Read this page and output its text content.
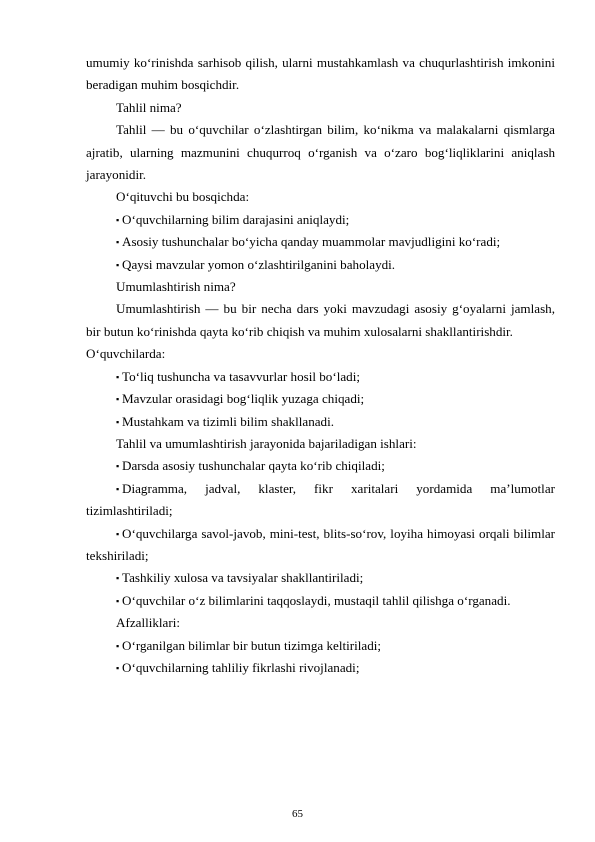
umumiy ko‘rinishda sarhisob qilish, ularni mustahkamlash va chuqurlashtirish imkonini beradigan muhim bosqichdir.

Tahlil nima?

Tahlil — bu o‘quvchilar o‘zlashtirgan bilim, ko‘nikma va malakalarni qismlarga ajratib, ularning mazmunini chuqurroq o‘rganish va o‘zaro bog‘liqliklarini aniqlash jarayonidir.

O‘qituvchi bu bosqichda:

▪ O‘quvchilarning bilim darajasini aniqlaydi;

▪ Asosiy tushunchalar bo‘yicha qanday muammolar mavjudligini ko‘radi;

▪ Qaysi mavzular yomon o‘zlashtirilganini baholaydi.

Umumlashtirish nima?

Umumlashtirish — bu bir necha dars yoki mavzudagi asosiy g‘oyalarni jamlash, bir butun ko‘rinishda qayta ko‘rib chiqish va muhim xulosalarni shakllantirishdir.

O‘quvchilarda:

▪ To‘liq tushuncha va tasavvurlar hosil bo‘ladi;

▪ Mavzular orasidagi bog‘liqlik yuzaga chiqadi;

▪ Mustahkam va tizimli bilim shakllanadi.

Tahlil va umumlashtirish jarayonida bajariladigan ishlari:

▪ Darsda asosiy tushunchalar qayta ko‘rib chiqiladi;

▪ Diagramma, jadval, klaster, fikr xaritalari yordamida ma’lumotlar tizimlashtiriladi;

▪ O‘quvchilarga savol-javob, mini-test, blits-so‘rov, loyiha himoyasi orqali bilimlar tekshiriladi;

▪ Tashkiliy xulosa va tavsiyalar shakllantiriladi;

▪ O‘quvchilar o‘z bilimlarini taqqoslaydi, mustaqil tahlil qilishga o‘rganadi.

Afzalliklari:

▪ O‘rganilgan bilimlar bir butun tizimga keltiriladi;

▪ O‘quvchilarning tahliliy fikrlashi rivojlanadi;

65
